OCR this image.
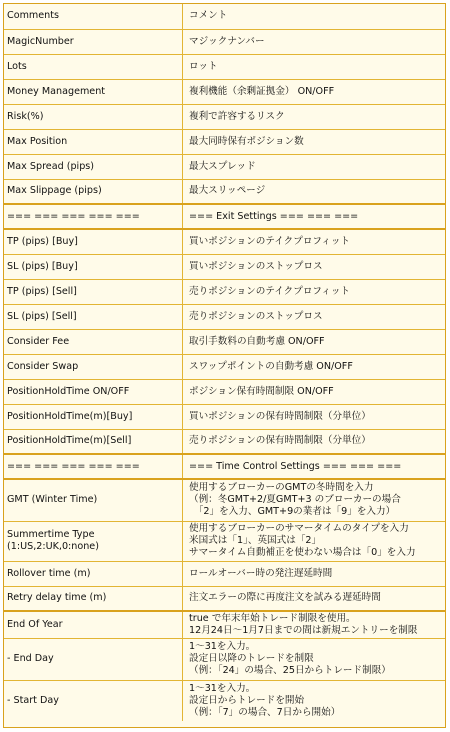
Comments	コメント

MagicNumber	マジックナンバー

Lots	ロット

Money Management	複利機能（余剰証拠金） ON/OFF

Risk(%)	複利で許容するリスク

Max Position	最大同時保有ポジション数

Max Spread (pips)	最大スプレッド

Max Slippage (pips)	最大スリッページ

=== === === === ===	=== Exit Settings === === ===

TP (pips) [Buy]	買いポジションのテイクプロフィット

SL (pips) [Buy]	買いポジションのストップロス

TP (pips) [Sell]	売りポジションのテイクプロフィット

SL (pips) [Sell]	売りポジションのストップロス

Consider Fee	取引手数料の自動考慮 ON/OFF

Consider Swap	スワップポイントの自動考慮 ON/OFF

PositionHoldTime ON/OFF	ポジション保有時間制限 ON/OFF

PositionHoldTime(m)[Buy]	買いポジションの保有時間制限（分単位）

PositionHoldTime(m)[Sell]	売りポジションの保有時間制限（分単位）

=== === === === ===	=== Time Control Settings === === ===

GMT (Winter Time)	使用するブローカーのGMTの冬時間を入力
（例：冬GMT+2/夏GMT+3 のブローカーの場合
　「2」を入力、GMT+9の業者は「9」を入力）

Summertime Type
(1:US,2:UK,0:none)	使用するブローカーのサマータイムのタイプを入力
米国式は「1」、英国式は「2」
サマータイム自動補正を使わない場合は「0」を入力

Rollover time (m)	ロールオーバー時の発注遅延時間

Retry delay time (m)	注文エラーの際に再度注文を試みる遅延時間

End Of Year	true で年末年始トレード制限を使用。
12月24日～1月7日までの間は新規エントリーを制限

- End Day	1～31を入力。
設定日以降のトレードを制限
（例：「24」の場合、25日からトレード制限）

- Start Day	1～31を入力。
設定日からトレードを開始
（例：「7」の場合、7日から開始）
